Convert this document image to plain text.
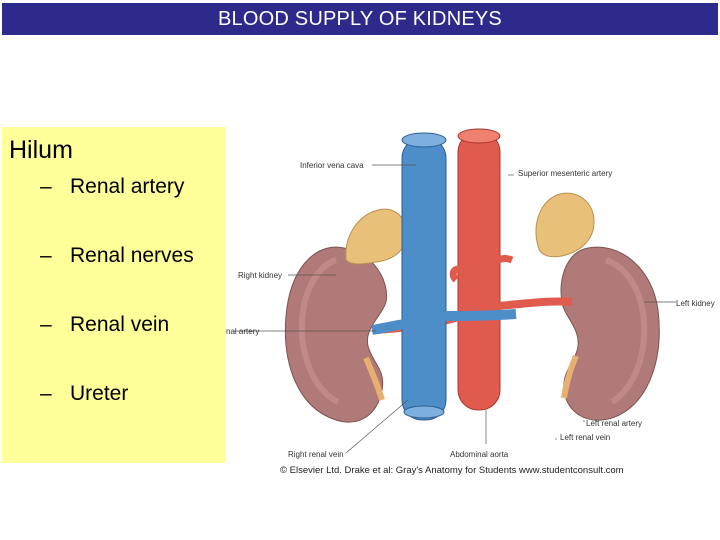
BLOOD SUPPLY OF KIDNEYS
Hilum
– Renal artery
– Renal nerves
– Renal vein
– Ureter
Inferior vena cava
Superior mesenteric artery
Right kidney
Left kidney
nal artery
Left renal artery
Left renal vein
Right renal vein	Abdominal aorta
© Elsevier Ltd. Drake et al: Gray's Anatomy for Students www.studentconsult.com
